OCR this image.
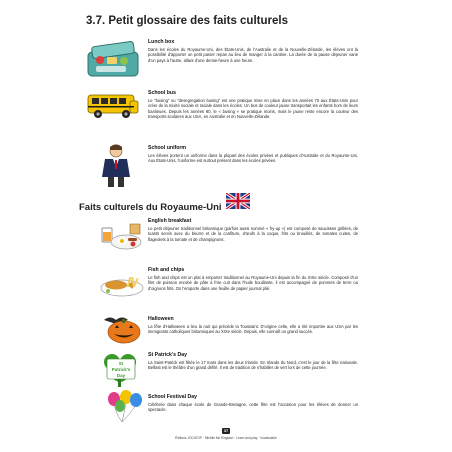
3.7. Petit glossaire des faits culturels

Lunch box

Dans les écoles du Royaume-Uni, des États-Unis, de l'Australie et de la Nouvelle-Zélande, les élèves ont la possibilité d'apporter un petit panier repas au lieu de manger à la cantine. La durée de la pause déjeuner varie d'un pays à l'autre, allant d'une demie-heure à une heure.

School bus

Le "busing" ou "desegregation busing" est une pratique mise en place dans les années 70 aux États-Unis pour créer de la mixité sociale et raciale dans les écoles. Un bus de couleur jaune transportait les enfants hors de leurs banlieues. Depuis les années 80, le « busing » se pratique moins, mais le jaune reste encore la couleur des transports scolaires aux USA, en Australie et en Nouvelle-Zélande.

School uniform

Les élèves portent un uniforme dans la plupart des écoles privées et publiques d'Australie et du Royaume-Uni. Aux États-Unis, l'uniforme est surtout présent dans les écoles privées.

Faits culturels du Royaume-Uni

English breakfast

Le petit déjeuner traditionnel britannique (parfois aussi nommé « fry-up ») est composé de saucisses grillées, de toasts servis avec du beurre et de la confiture, d'œufs à la coque, frits ou brouillés, de tomates cuites, de flageolets à la tomate et de champignons.

Fish and chips

Le fish and chips est un plat à emporter traditionnel au Royaume-Uni depuis la fin du XIXe siècle. Composé d'un filet de poisson enrobé de pâte à frire cuit dans l'huile bouillante, il est accompagné de pommes de terre ou d'oignons frits. On l'emporte dans une feuille de papier journal plié.

Halloween

La fête d'Halloween a lieu la nuit qui précède la Toussaint. D'origine celte, elle a été importée aux USA par les immigrants catholiques britanniques au XIXe siècle. Depuis, elle connaît un grand succès.

St
Patrick's
Day

St Patrick's Day

La Saint-Patrick est fêtée le 17 mars dans les deux Irlande. En Irlande du Nord, c'est le jour de la fête nationale. Belfast est le théâtre d'un grand défilé. Il est de tradition de s'habiller de vert lors de cette journée.

School Festival Day

Célébrée dans chaque école de Grande-Bretagne, cette fête est l'occasion pour les élèves de donner un spectacle.

37
Éditions JOCATOP · Mireille Mc Kingston · Learn and play · Vocabulaire
